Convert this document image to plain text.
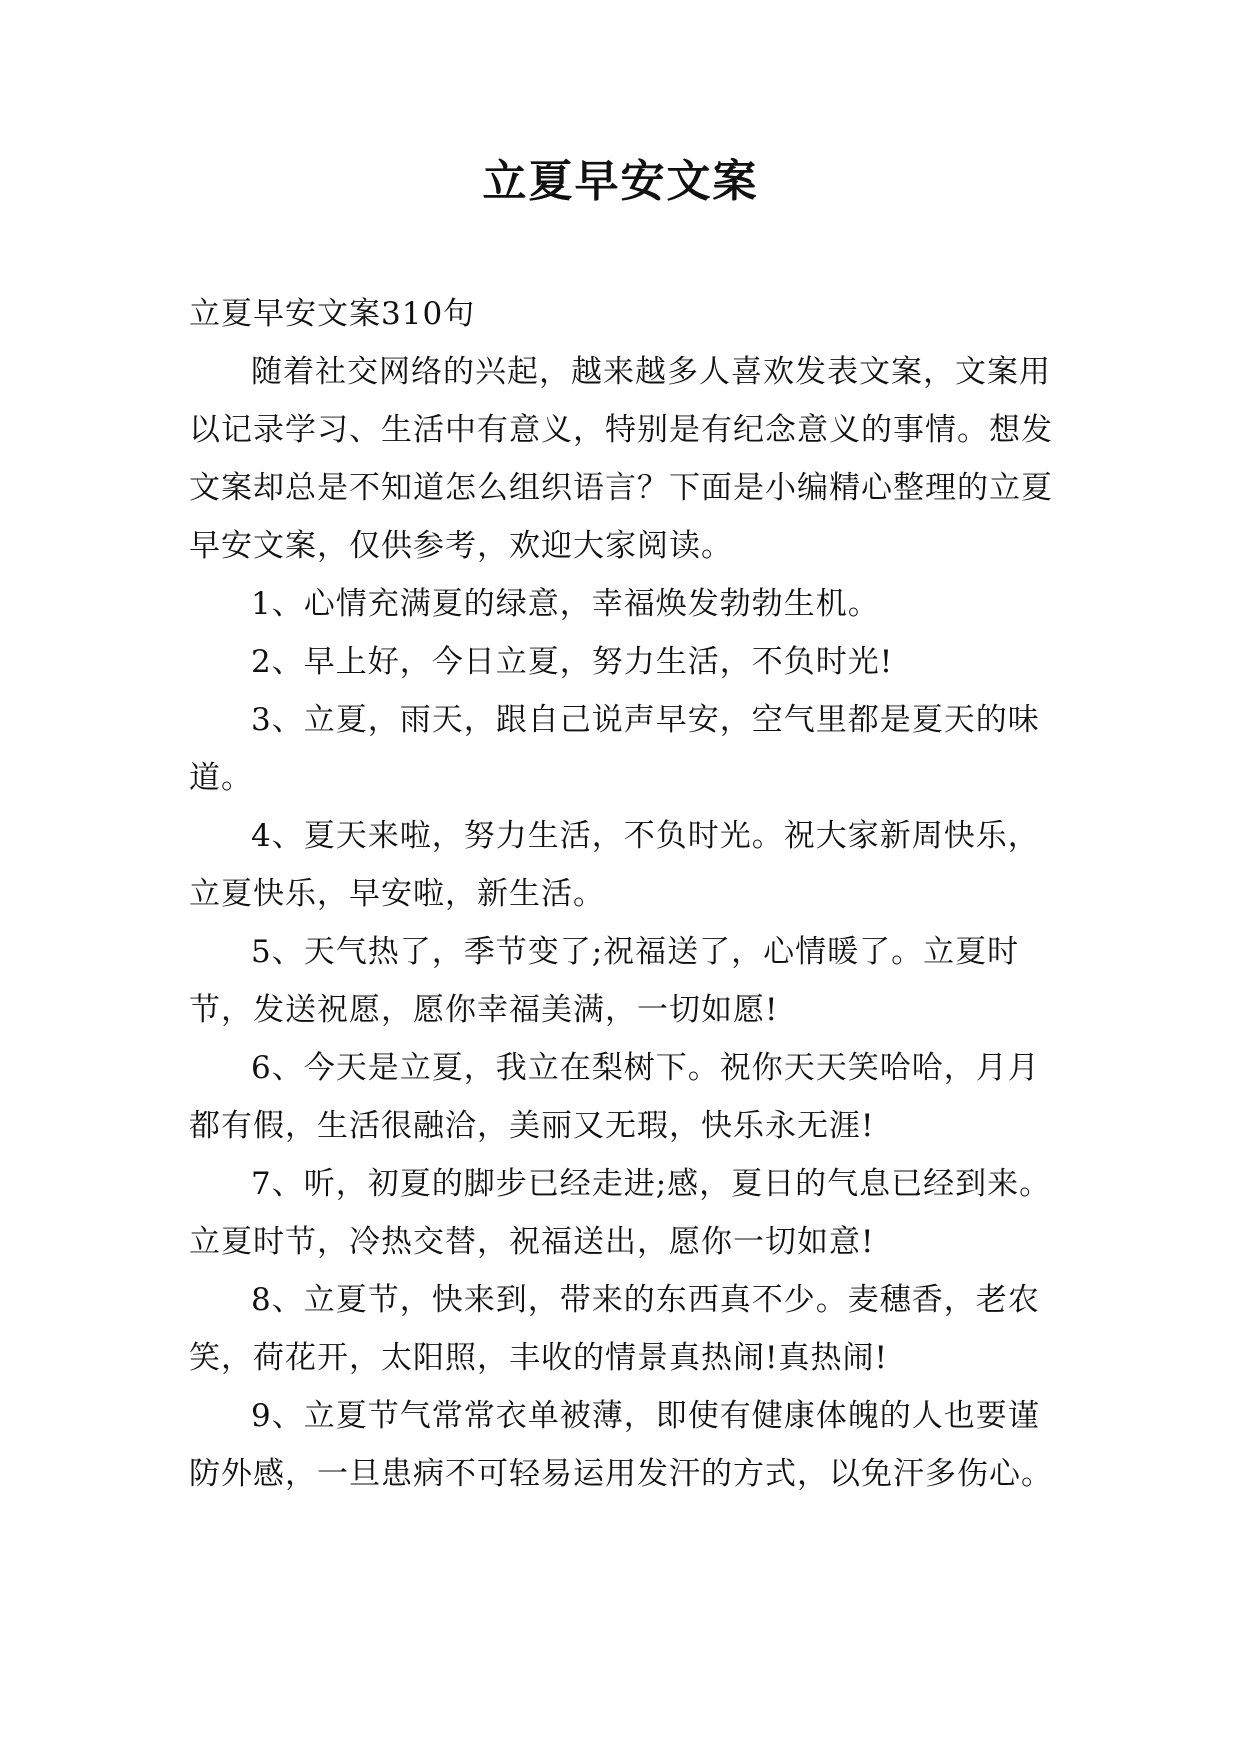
立夏早安文案

立夏早安文案310句

随着社交网络的兴起，越来越多人喜欢发表文案，文案用以记录学习、生活中有意义，特别是有纪念意义的事情。想发文案却总是不知道怎么组织语言？下面是小编精心整理的立夏早安文案，仅供参考，欢迎大家阅读。

1、心情充满夏的绿意，幸福焕发勃勃生机。

2、早上好，今日立夏，努力生活，不负时光!

3、立夏，雨天，跟自己说声早安，空气里都是夏天的味道。

4、夏天来啦，努力生活，不负时光。祝大家新周快乐，立夏快乐，早安啦，新生活。

5、天气热了，季节变了;祝福送了，心情暖了。立夏时节，发送祝愿，愿你幸福美满，一切如愿!

6、今天是立夏，我立在梨树下。祝你天天笑哈哈，月月都有假，生活很融洽，美丽又无瑕，快乐永无涯!

7、听，初夏的脚步已经走进;感，夏日的气息已经到来。立夏时节，冷热交替，祝福送出，愿你一切如意!

8、立夏节，快来到，带来的东西真不少。麦穗香，老农笑，荷花开，太阳照，丰收的情景真热闹!真热闹!

9、立夏节气常常衣单被薄，即使有健康体魄的人也要谨防外感，一旦患病不可轻易运用发汗的方式，以免汗多伤心。
